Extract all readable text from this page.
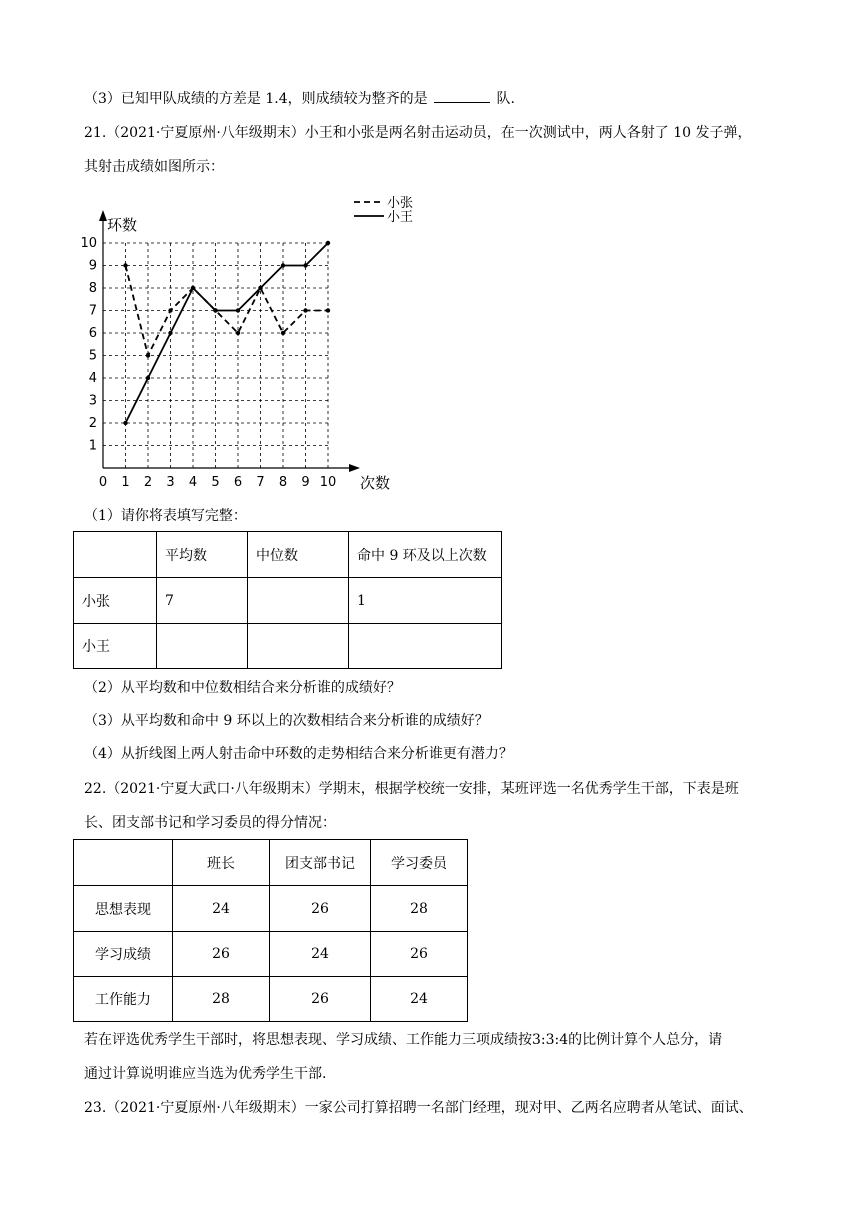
（3）已知甲队成绩的方差是 1.4，则成绩较为整齐的是	队.
21.（2021·宁夏原州·八年级期末）小王和小张是两名射击运动员，在一次测试中，两人各射了 10 发子弹，
其射击成绩如图所示：
小张
小王
0 1 2 3 4 5 6 7 8 9 10
1
2
3
4
5
6
7
8
9
10
环数
次数
（1）请你将表填写完整：
	平均数	中位数	命中 9 环及以上次数
小张	7		1
小王			
（2）从平均数和中位数相结合来分析谁的成绩好？
（3）从平均数和命中 9 环以上的次数相结合来分析谁的成绩好？
（4）从折线图上两人射击命中环数的走势相结合来分析谁更有潜力？
22.（2021·宁夏大武口·八年级期末）学期末，根据学校统一安排，某班评选一名优秀学生干部，下表是班
长、团支部书记和学习委员的得分情况：
	班长	团支部书记	学习委员
思想表现	24	26	28
学习成绩	26	24	26
工作能力	28	26	24
若在评选优秀学生干部时，将思想表现、学习成绩、工作能力三项成绩按3:3:4的比例计算个人总分，请
通过计算说明谁应当选为优秀学生干部.
23.（2021·宁夏原州·八年级期末）一家公司打算招聘一名部门经理，现对甲、乙两名应聘者从笔试、面试、
